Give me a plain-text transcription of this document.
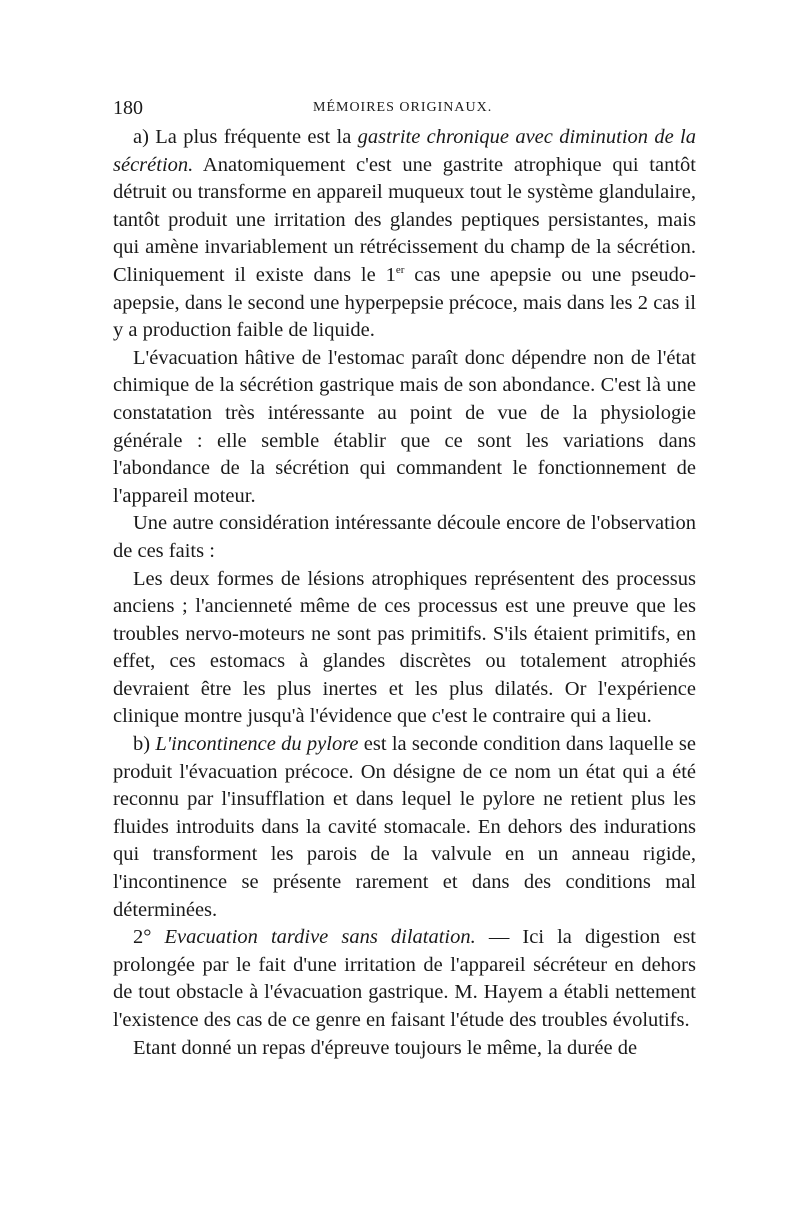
180	MÉMOIRES ORIGINAUX.

a) La plus fréquente est la gastrite chronique avec diminution de la sécrétion. Anatomiquement c'est une gastrite atrophique qui tantôt détruit ou transforme en appareil muqueux tout le système glandulaire, tantôt produit une irritation des glandes peptiques persistantes, mais qui amène invariablement un rétrécissement du champ de la sécrétion. Cliniquement il existe dans le 1er cas une apepsie ou une pseudo-apepsie, dans le second une hyperpepsie précoce, mais dans les 2 cas il y a production faible de liquide.

L'évacuation hâtive de l'estomac paraît donc dépendre non de l'état chimique de la sécrétion gastrique mais de son abondance. C'est là une constatation très intéressante au point de vue de la physiologie générale : elle semble établir que ce sont les variations dans l'abondance de la sécrétion qui commandent le fonctionnement de l'appareil moteur.

Une autre considération intéressante découle encore de l'observation de ces faits :

Les deux formes de lésions atrophiques représentent des processus anciens ; l'ancienneté même de ces processus est une preuve que les troubles nervo-moteurs ne sont pas primitifs. S'ils étaient primitifs, en effet, ces estomacs à glandes discrètes ou totalement atrophiés devraient être les plus inertes et les plus dilatés. Or l'expérience clinique montre jusqu'à l'évidence que c'est le contraire qui a lieu.

b) L'incontinence du pylore est la seconde condition dans laquelle se produit l'évacuation précoce. On désigne de ce nom un état qui a été reconnu par l'insufflation et dans lequel le pylore ne retient plus les fluides introduits dans la cavité stomacale. En dehors des indurations qui transforment les parois de la valvule en un anneau rigide, l'incontinence se présente rarement et dans des conditions mal déterminées.

2° Evacuation tardive sans dilatation. — Ici la digestion est prolongée par le fait d'une irritation de l'appareil sécréteur en dehors de tout obstacle à l'évacuation gastrique. M. Hayem a établi nettement l'existence des cas de ce genre en faisant l'étude des troubles évolutifs.

Etant donné un repas d'épreuve toujours le même, la durée de
